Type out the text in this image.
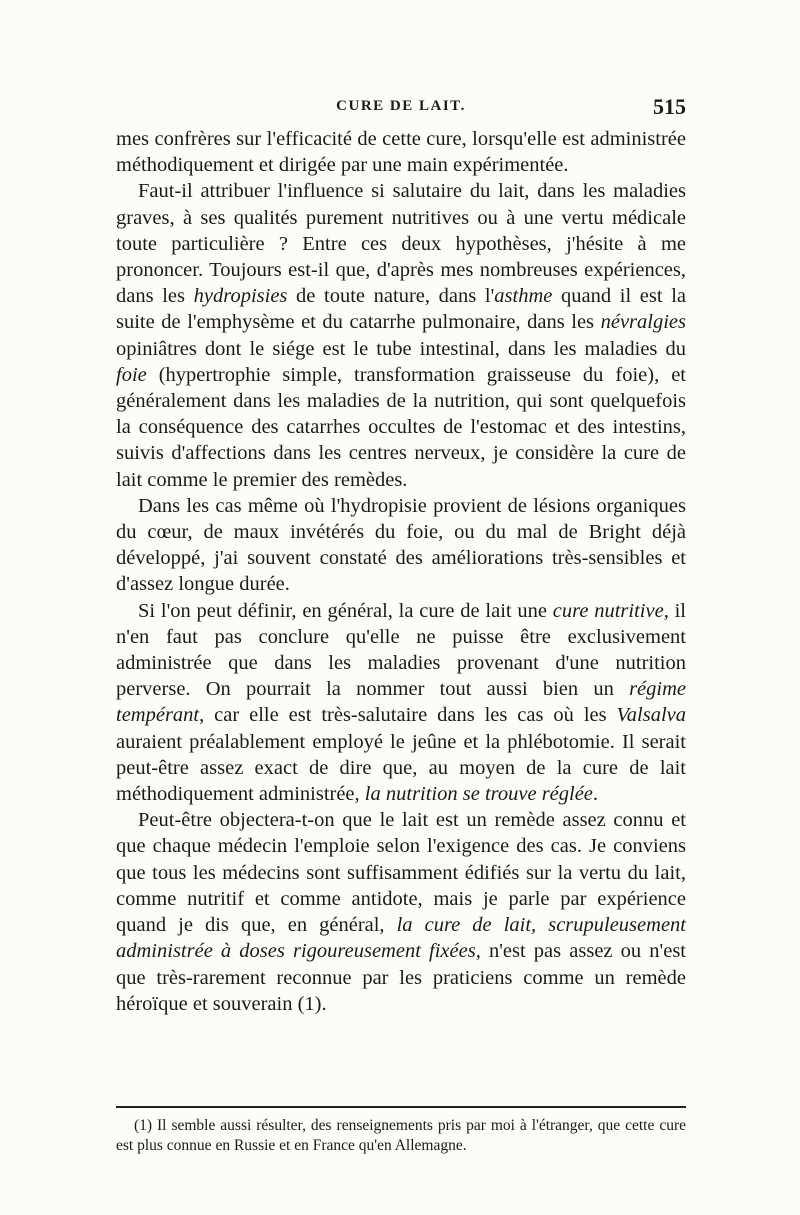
CURE DE LAIT.	515

mes confrères sur l'efficacité de cette cure, lorsqu'elle est administrée méthodiquement et dirigée par une main expérimentée.

Faut-il attribuer l'influence si salutaire du lait, dans les maladies graves, à ses qualités purement nutritives ou à une vertu médicale toute particulière ? Entre ces deux hypothèses, j'hésite à me prononcer. Toujours est-il que, d'après mes nombreuses expériences, dans les hydropisies de toute nature, dans l'asthme quand il est la suite de l'emphysème et du catarrhe pulmonaire, dans les névralgies opiniâtres dont le siége est le tube intestinal, dans les maladies du foie (hypertrophie simple, transformation graisseuse du foie), et généralement dans les maladies de la nutrition, qui sont quelquefois la conséquence des catarrhes occultes de l'estomac et des intestins, suivis d'affections dans les centres nerveux, je considère la cure de lait comme le premier des remèdes.

Dans les cas même où l'hydropisie provient de lésions organiques du cœur, de maux invétérés du foie, ou du mal de Bright déjà développé, j'ai souvent constaté des améliorations très-sensibles et d'assez longue durée.

Si l'on peut définir, en général, la cure de lait une cure nutritive, il n'en faut pas conclure qu'elle ne puisse être exclusivement administrée que dans les maladies provenant d'une nutrition perverse. On pourrait la nommer tout aussi bien un régime tempérant, car elle est très-salutaire dans les cas où les Valsalva auraient préalablement employé le jeûne et la phlébotomie. Il serait peut-être assez exact de dire que, au moyen de la cure de lait méthodiquement administrée, la nutrition se trouve réglée.

Peut-être objectera-t-on que le lait est un remède assez connu et que chaque médecin l'emploie selon l'exigence des cas. Je conviens que tous les médecins sont suffisamment édifiés sur la vertu du lait, comme nutritif et comme antidote, mais je parle par expérience quand je dis que, en général, la cure de lait, scrupuleusement administrée à doses rigoureusement fixées, n'est pas assez ou n'est que très-rarement reconnue par les praticiens comme un remède héroïque et souverain (1).

(1) Il semble aussi résulter, des renseignements pris par moi à l'étranger, que cette cure est plus connue en Russie et en France qu'en Allemagne.
